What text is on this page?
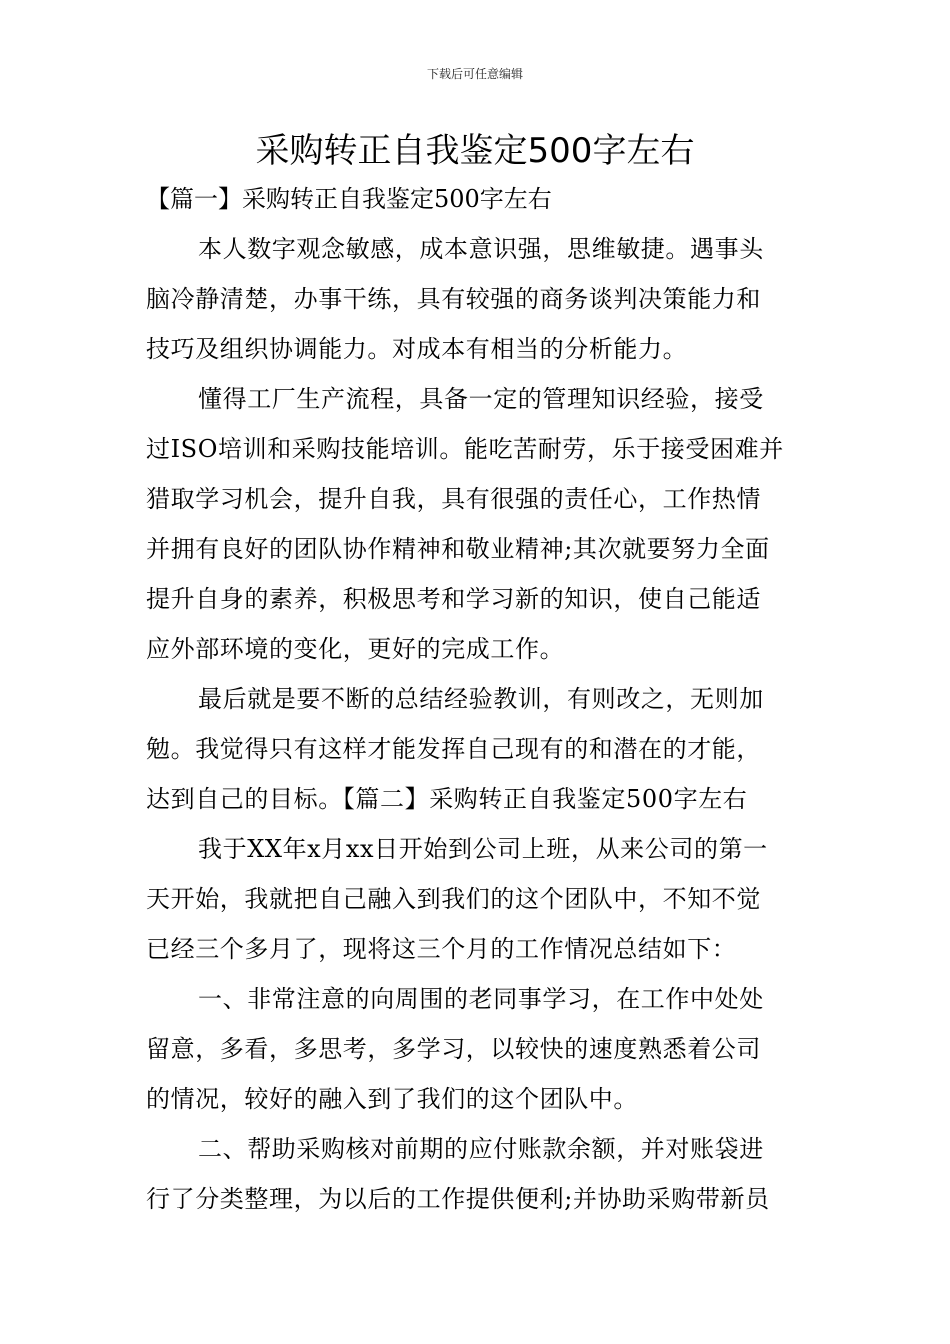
下载后可任意编辑
采购转正自我鉴定500字左右
【篇一】采购转正自我鉴定500字左右
本人数字观念敏感，成本意识强，思维敏捷。遇事头
脑冷静清楚，办事干练，具有较强的商务谈判决策能力和
技巧及组织协调能力。对成本有相当的分析能力。
懂得工厂生产流程，具备一定的管理知识经验，接受
过ISO培训和采购技能培训。能吃苦耐劳，乐于接受困难并
猎取学习机会，提升自我，具有很强的责任心，工作热情
并拥有良好的团队协作精神和敬业精神;其次就要努力全面
提升自身的素养，积极思考和学习新的知识，使自己能适
应外部环境的变化，更好的完成工作。
最后就是要不断的总结经验教训，有则改之，无则加
勉。我觉得只有这样才能发挥自己现有的和潜在的才能，
达到自己的目标。【篇二】采购转正自我鉴定500字左右
我于XX年x月xx日开始到公司上班，从来公司的第一
天开始，我就把自己融入到我们的这个团队中，不知不觉
已经三个多月了，现将这三个月的工作情况总结如下：
一、非常注意的向周围的老同事学习，在工作中处处
留意，多看，多思考，多学习，以较快的速度熟悉着公司
的情况，较好的融入到了我们的这个团队中。
二、帮助采购核对前期的应付账款余额，并对账袋进
行了分类整理，为以后的工作提供便利;并协助采购带新员
